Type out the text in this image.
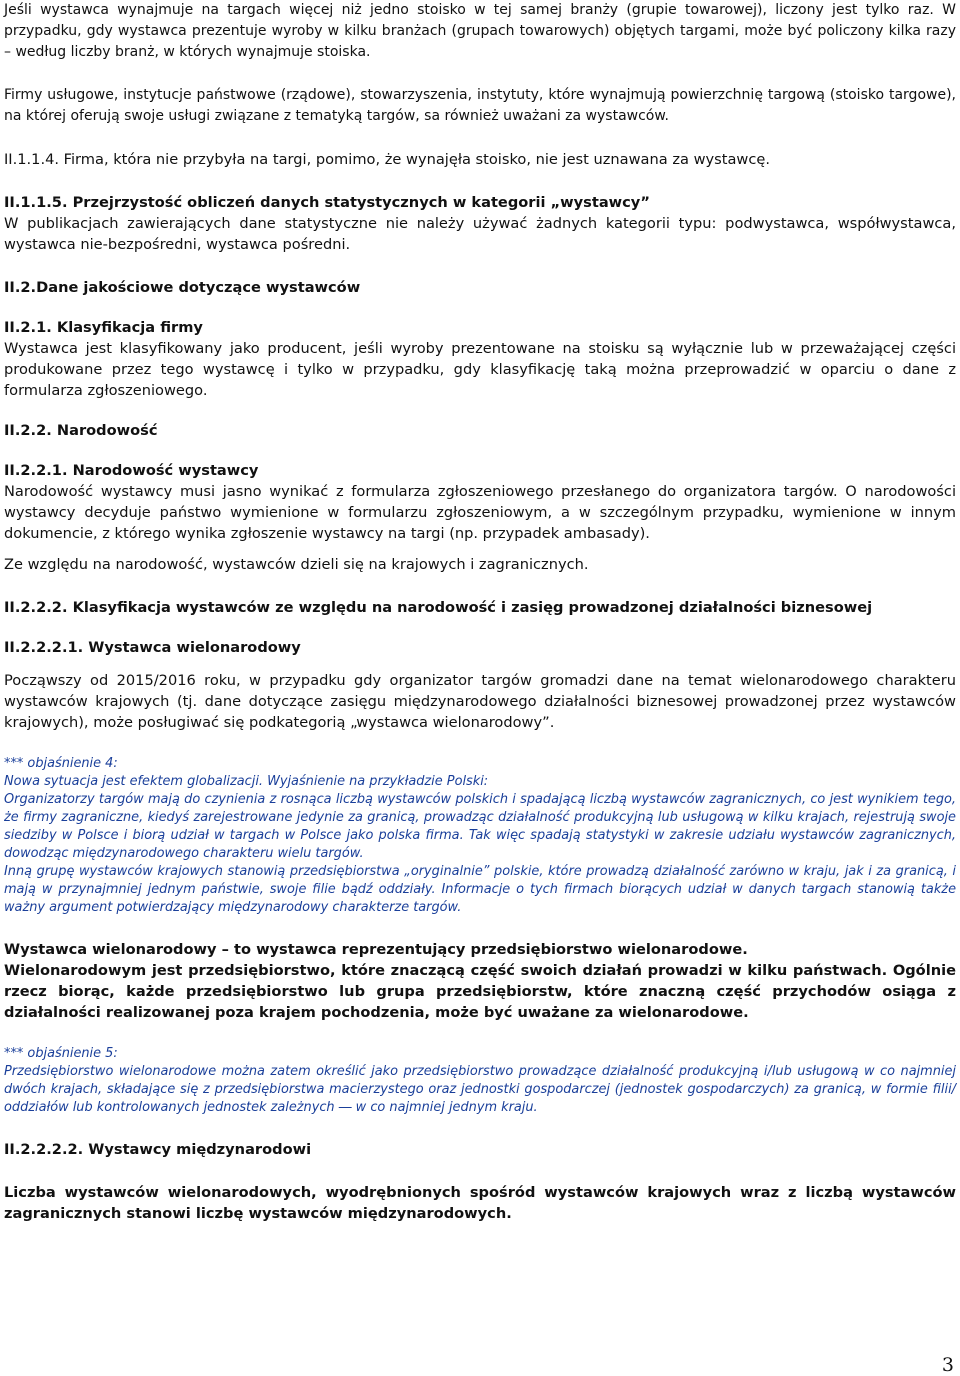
Jeśli wystawca wynajmuje na targach więcej niż jedno stoisko w tej samej branży (grupie towarowej), liczony jest tylko raz. W przypadku, gdy wystawca prezentuje wyroby w kilku branżach (grupach towarowych) objętych targami, może być policzony kilka razy – według liczby branż, w których wynajmuje stoiska.

Firmy usługowe, instytucje państwowe (rządowe), stowarzyszenia, instytuty, które wynajmują powierzchnię targową (stoisko targowe), na której oferują swoje usługi związane z tematyką targów, sa również uważani za wystawców.

II.1.1.4. Firma, która nie przybyła na targi, pomimo, że wynajęła stoisko, nie jest uznawana za wystawcę.

II.1.1.5. Przejrzystość obliczeń danych statystycznych w kategorii „wystawcy”

W publikacjach zawierających dane statystyczne nie należy używać żadnych kategorii typu: podwystawca, współwystawca, wystawca nie-bezpośredni, wystawca pośredni.

II.2.Dane jakościowe dotyczące wystawców

II.2.1. Klasyfikacja firmy

Wystawca jest klasyfikowany jako producent, jeśli wyroby prezentowane na stoisku są wyłącznie lub w przeważającej części produkowane przez tego wystawcę i tylko w przypadku, gdy klasyfikację taką można przeprowadzić w oparciu o dane z formularza zgłoszeniowego.

II.2.2. Narodowość

II.2.2.1. Narodowość wystawcy

Narodowość wystawcy musi jasno wynikać z formularza zgłoszeniowego przesłanego do organizatora targów. O narodowości wystawcy decyduje państwo wymienione w formularzu zgłoszeniowym, a w szczególnym przypadku, wymienione w innym dokumencie, z którego wynika zgłoszenie wystawcy na targi (np. przypadek ambasady).

Ze względu na narodowość, wystawców dzieli się na krajowych i zagranicznych.

II.2.2.2. Klasyfikacja wystawców ze względu na narodowość i zasięg prowadzonej działalności biznesowej

II.2.2.2.1. Wystawca wielonarodowy

Począwszy od 2015/2016 roku, w przypadku gdy organizator targów gromadzi dane na temat wielonarodowego charakteru wystawców krajowych (tj. dane dotyczące zasięgu międzynarodowego działalności biznesowej prowadzonej przez wystawców krajowych), może posługiwać się podkategorią „wystawca wielonarodowy”.

*** objaśnienie 4:

Nowa sytuacja jest efektem globalizacji. Wyjaśnienie na przykładzie Polski:

Organizatorzy targów mają do czynienia z rosnąca liczbą wystawców polskich i spadającą liczbą wystawców zagranicznych, co jest wynikiem tego, że firmy zagraniczne, kiedyś zarejestrowane jedynie za granicą, prowadząc działalność produkcyjną lub usługową w kilku krajach, rejestrują swoje siedziby w Polsce i biorą udział w targach w Polsce jako polska firma. Tak więc spadają statystyki w zakresie udziału wystawców zagranicznych, dowodząc międzynarodowego charakteru wielu targów.

Inną grupę wystawców krajowych stanowią przedsiębiorstwa „oryginalnie” polskie, które prowadzą działalność zarówno w kraju, jak i za granicą, i mają w przynajmniej jednym państwie, swoje filie bądź oddziały. Informacje o tych firmach biorących udział w danych targach stanowią także ważny argument potwierdzający międzynarodowy charakterze targów.

Wystawca wielonarodowy – to wystawca reprezentujący przedsiębiorstwo wielonarodowe.

Wielonarodowym jest przedsiębiorstwo, które znaczącą część swoich działań prowadzi w kilku państwach. Ogólnie rzecz biorąc, każde przedsiębiorstwo lub grupa przedsiębiorstw, które znaczną część przychodów osiąga z działalności realizowanej poza krajem pochodzenia, może być uważane za wielonarodowe.

*** objaśnienie 5:

Przedsiębiorstwo wielonarodowe można zatem określić jako przedsiębiorstwo prowadzące działalność produkcyjną i/lub usługową w co najmniej dwóch krajach, składające się z przedsiębiorstwa macierzystego oraz jednostki gospodarczej (jednostek gospodarczych) za granicą, w formie filii/ oddziałów lub kontrolowanych jednostek zależnych ― w co najmniej jednym kraju.

II.2.2.2.2. Wystawcy międzynarodowi

Liczba wystawców wielonarodowych, wyodrębnionych spośród wystawców krajowych wraz z liczbą wystawców zagranicznych stanowi liczbę wystawców międzynarodowych.

3
